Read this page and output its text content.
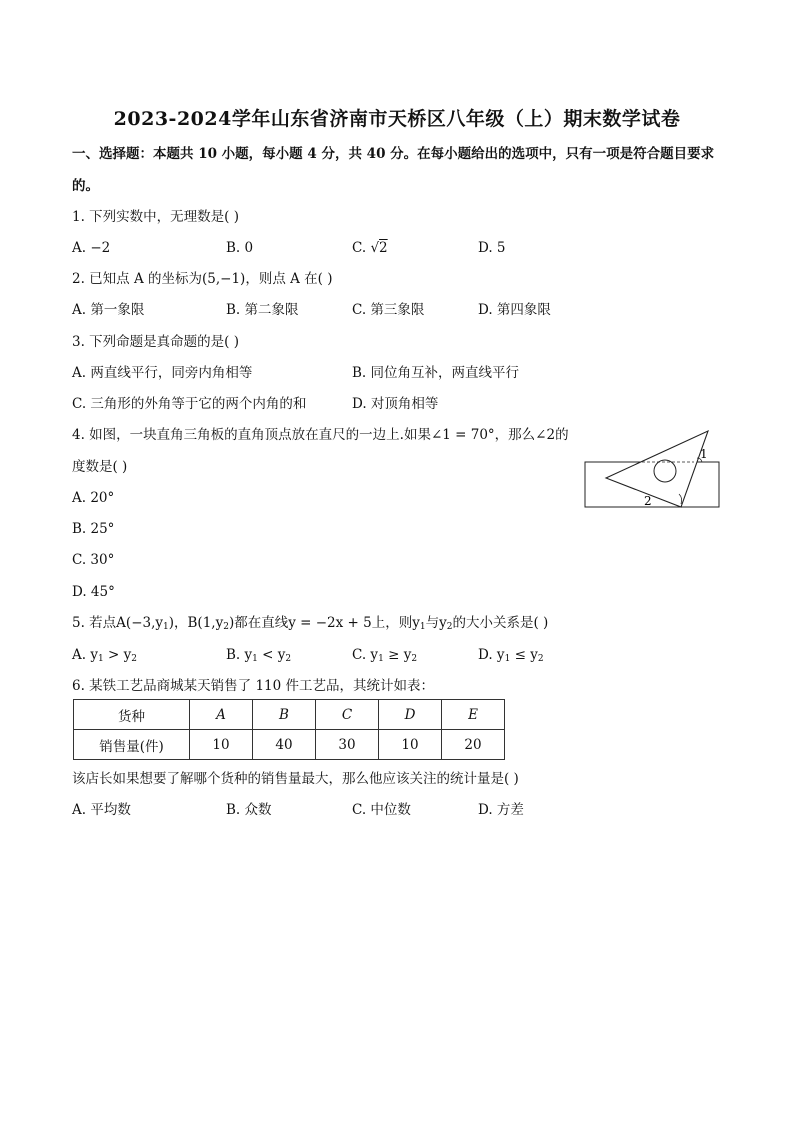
2023-2024学年山东省济南市天桥区八年级（上）期末数学试卷
一、选择题：本题共 10 小题，每小题 4 分，共 40 分。在每小题给出的选项中，只有一项是符合题目要求
的。
1. 下列实数中，无理数是( )
A. −2	B. 0	C. √2	D. 5
2. 已知点 A 的坐标为(5,−1)，则点 A 在( )
A. 第一象限	B. 第二象限	C. 第三象限	D. 第四象限
3. 下列命题是真命题的是( )
A. 两直线平行，同旁内角相等	B. 同位角互补，两直线平行
C. 三角形的外角等于它的两个内角的和	D. 对顶角相等
4. 如图，一块直角三角板的直角顶点放在直尺的一边上.如果∠1 = 70°，那么∠2的
度数是( )
A. 20°
B. 25°
C. 30°
D. 45°
1
2
5. 若点$A(-3,y_1)$，$B(1,y_2)$都在直线y = −2x + 5上，则$y_1$与$y_2$的大小关系是( )
A. $y_1 > y_2$	B. $y_1 < y_2$	C. $y_1 \ge y_2$	D. $y_1 \le y_2$
6. 某铁工艺品商城某天销售了 110 件工艺品，其统计如表：
货种	A	B	C	D	E
销售量(件)	10	40	30	10	20
该店长如果想要了解哪个货种的销售量最大，那么他应该关注的统计量是( )
A. 平均数	B. 众数	C. 中位数	D. 方差
